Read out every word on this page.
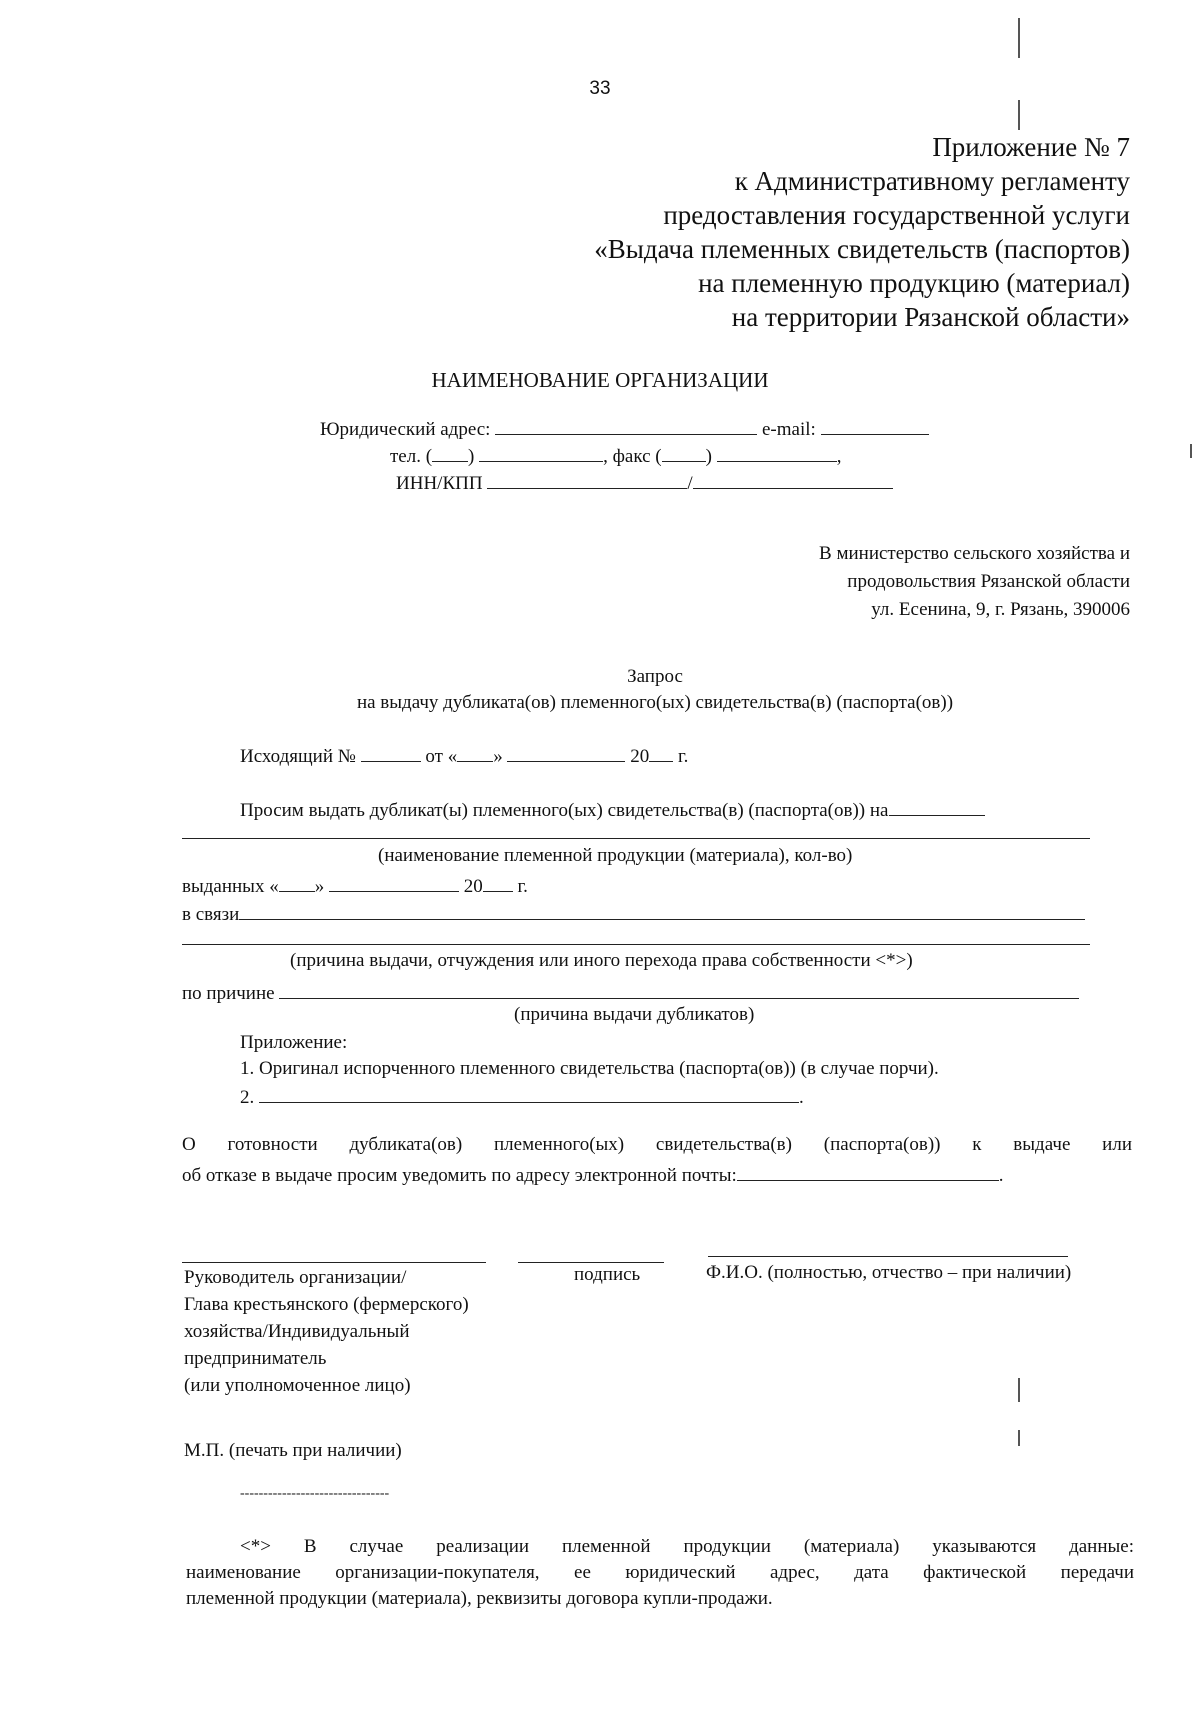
33
Приложение № 7
к Административному регламенту
предоставления государственной услуги
«Выдача племенных свидетельств (паспортов)
на племенную продукцию (материал)
на территории Рязанской области»
НАИМЕНОВАНИЕ ОРГАНИЗАЦИИ
Юридический адрес:	e-mail:
тел. ( )	, факс ( )	,
ИНН/КПП	/
В министерство сельского хозяйства и
продовольствия Рязанской области
ул. Есенина, 9, г. Рязань, 390006
Запрос
на выдачу дубликата(ов) племенного(ых) свидетельства(в) (паспорта(ов))
Исходящий №	от « »	20 г.
Просим выдать дубликат(ы) племенного(ых) свидетельства(в) (паспорта(ов)) на
(наименование племенной продукции (материала), кол-во)
выданных « »	20 г.
в связи
(причина выдачи, отчуждения или иного перехода права собственности <*>)
по причине
(причина выдачи дубликатов)
Приложение:
1. Оригинал испорченного племенного свидетельства (паспорта(ов)) (в случае порчи).
2.	.
О готовности дубликата(ов) племенного(ых) свидетельства(в) (паспорта(ов)) к выдаче или
об отказе в выдаче просим уведомить по адресу электронной почты:	.
Руководитель организации/
Глава крестьянского (фермерского)
хозяйства/Индивидуальный
предприниматель
(или уполномоченное лицо)
подпись	Ф.И.О. (полностью, отчество – при наличии)
М.П. (печать при наличии)
--------------------------------
<*> В случае реализации племенной продукции (материала) указываются данные:
наименование организации-покупателя, ее юридический адрес, дата фактической передачи
племенной продукции (материала), реквизиты договора купли-продажи.
